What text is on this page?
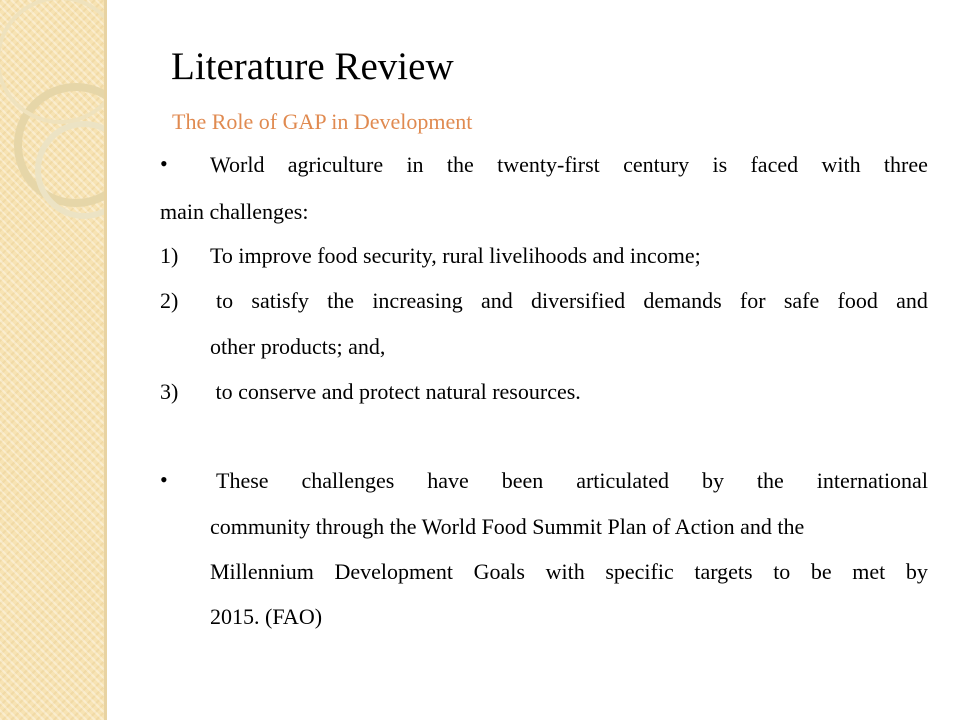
Literature Review
The Role of GAP in Development
• World agriculture in the twenty-first century is faced with three
main challenges:
1) To improve food security, rural livelihoods and income;
2) to satisfy the increasing and diversified demands for safe food and
other products; and,
3) to conserve and protect natural resources.
• These challenges have been articulated by the international
community through the World Food Summit Plan of Action and the
Millennium Development Goals with specific targets to be met by
2015. (FAO)
